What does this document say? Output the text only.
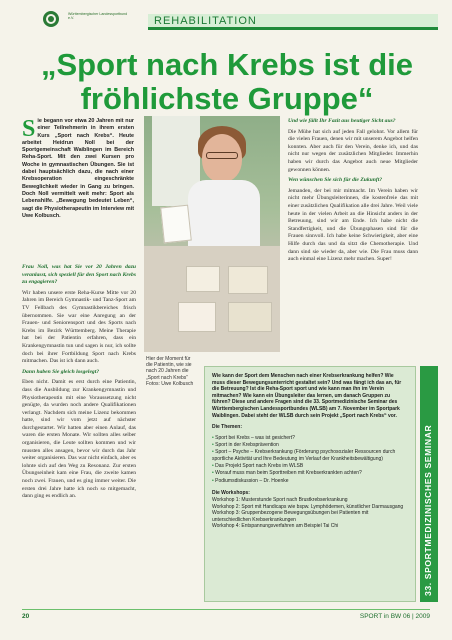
Württembergischer Landessportbund e.V.	REHABILITATION
„Sport nach Krebs ist die fröhlichste Gruppe“
S ie begann vor etwa 20 Jahren mit nur einer Teilnehmerin in ihrem ersten Kurs „Sport nach Krebs“. Heute arbeitet Heidrun Noll bei der Sportgemeinschaft Waiblingen im Bereich Reha-Sport. Mit den zwei Kursen pro Woche in gymnastischen Übungen. Sie ist dabei hauptsächlich dazu, die nach einer Krebsoperation eingeschränkte Beweglichkeit wieder in Gang zu bringen. Doch Noll vermittelt weit mehr: Sport als Lebenshilfe. „Bewegung bedeutet Leben“, sagt die Physiotherapeutin im Interview mit Uwe Kolbusch.

Frau Noll, was hat Sie vor 20 Jahren dazu veranlasst, sich speziell für den Sport nach Krebs zu engagieren?

Wir haben unsere erste Reha-Kurse Mitte vor 20 Jahren im Bereich Gymnastik- und Tanz-Sport am TV Fellbach des Gymnastikbereiches frisch übernommen. Sie war eine Anregung an der Frauen- und Seniorensport und des Sports nach Krebs im Bezirk Württemberg. Meine Therapie hat bei der Patientin erfahren, dass ein Krankengymnastin tun und sagen is nur, ich sollte doch bei ihrer Fortbildung Sport nach Krebs mitmachen. Das ist ich dann auch.

Dann haben Sie gleich losgelegt?

Eben nicht. Damit es erst durch eine Patientin, dass die Ausbildung zur Krankengymnastin und Physiotherapeutin mit eine Voraussetzung nicht genügte, da wurden noch andere Qualifikationen verlangt. Nachdem sich meine Lizenz bekommen hatte, sind wir vom jetzt auf nächster durchgestartet. Wir hatten aber einen Anlauf, das waren die ersten Monate. Wir sollten alles selber organisieren, die Leute sollten kommen und wir mussten alles ansagen, bevor wir durch das Jahr weiter organisieren. Das war nicht einfach, aber es lohnte sich auf den Weg zu Resonanz. Zur ersten Übungseinheit kam eine Frau, die zweite kamen noch zwei. Frauen, und es ging immer weiter. Die ersten drei Jahre hatte ich noch so mitgemacht, dann ging es endlich an.

Hier der Moment für die Patientin, wie sie nach 20 Jahren die „Sport nach Krebs“ Fotos: Uwe Kolbusch

Und wie fällt Ihr Fazit aus heutiger Sicht aus?

Die Mühe hat sich auf jeden Fall gelohnt. Vor allem für die vielen Frauen, denen wir mit unserem Angebot helfen konnten. Aber auch für den Verein, denke ich, und das nicht nur wegen der zusätzlichen Mitglieder. Immerhin haben wir durch das Angebot auch neue Mitglieder gewonnen können.

Wen wünschen Sie sich für die Zukunft?

Jemanden, der bei mir mitmacht. Im Verein haben wir nicht mehr Übungsleiterinnen, die kostenfreie das mit einer zusätzlichen Qualifikation alle drei Jahre. Weil viele heute in der vielen Arbeit an die Hinsicht anders in der Betreuung, sind wir am Ende. Ich habe nicht die Standfertigkeit, und die Übungsphasen sind für die Frauen sinnvoll. Ich habe keine Schwierigkeit, aber eine Hilfe durch das und da sitzt die Chemotherapie. Und dann sind sie wieder da, aber wie. Die Frau muss dann auch einmal eine Lizenz mehr machen. Super!

Wie kann der Sport dem Menschen nach einer Krebserkrankung helfen? Wie muss dieser Bewegungsunterricht gestaltet sein? Und was fängt ich das an, für die Betreuung? Ist die Reha-Sport sport und wie kann man ihn im Verein mitmachen? Wie kann ein Übungsleiter das lernen, um danach Gruppen zu führen? Diese und andere Fragen sind die 33. Sportmedizinische Seminar des Württembergischen Landessportbundes (WLSB) am 7. November im Sportpark Waiblingen. Dabei steht der WLSB durch sein Projekt „Sport nach Krebs“ vor.

Die Themen:
• Sport bei Krebs – was ist gesichert?
• Sport in der Krebsprävention
• Sport – Psyche – Krebserkrankung (Förderung psychosozialer Ressourcen durch sportliche Aktivität und Ihre Bedeutung im Verlauf der Krankheitsbewältigung)
• Das Projekt Sport nach Krebs im WLSB
• Worauf muss man beim Sporttreiben mit Krebserkrankten achten?
• Podiumsdiskussion – Dr. Hoenke
Die Workshops:
Workshop 1: Musterstunde Sport nach Brustkrebserkrankung
Workshop 2: Sport mit Handicaps wie bspw. Lymphödemen, künstlicher Darmausgang
Workshop 3: Gruppenbezogene Bewegungsübungen bei Patienten mit unterschiedlichen Krebserkrankungen
Workshop 4: Entspannungsverfahren am Beispiel Tai Chi	33. SPORTMEDIZINISCHES SEMINAR
20	SPORT in BW 06 | 2009
